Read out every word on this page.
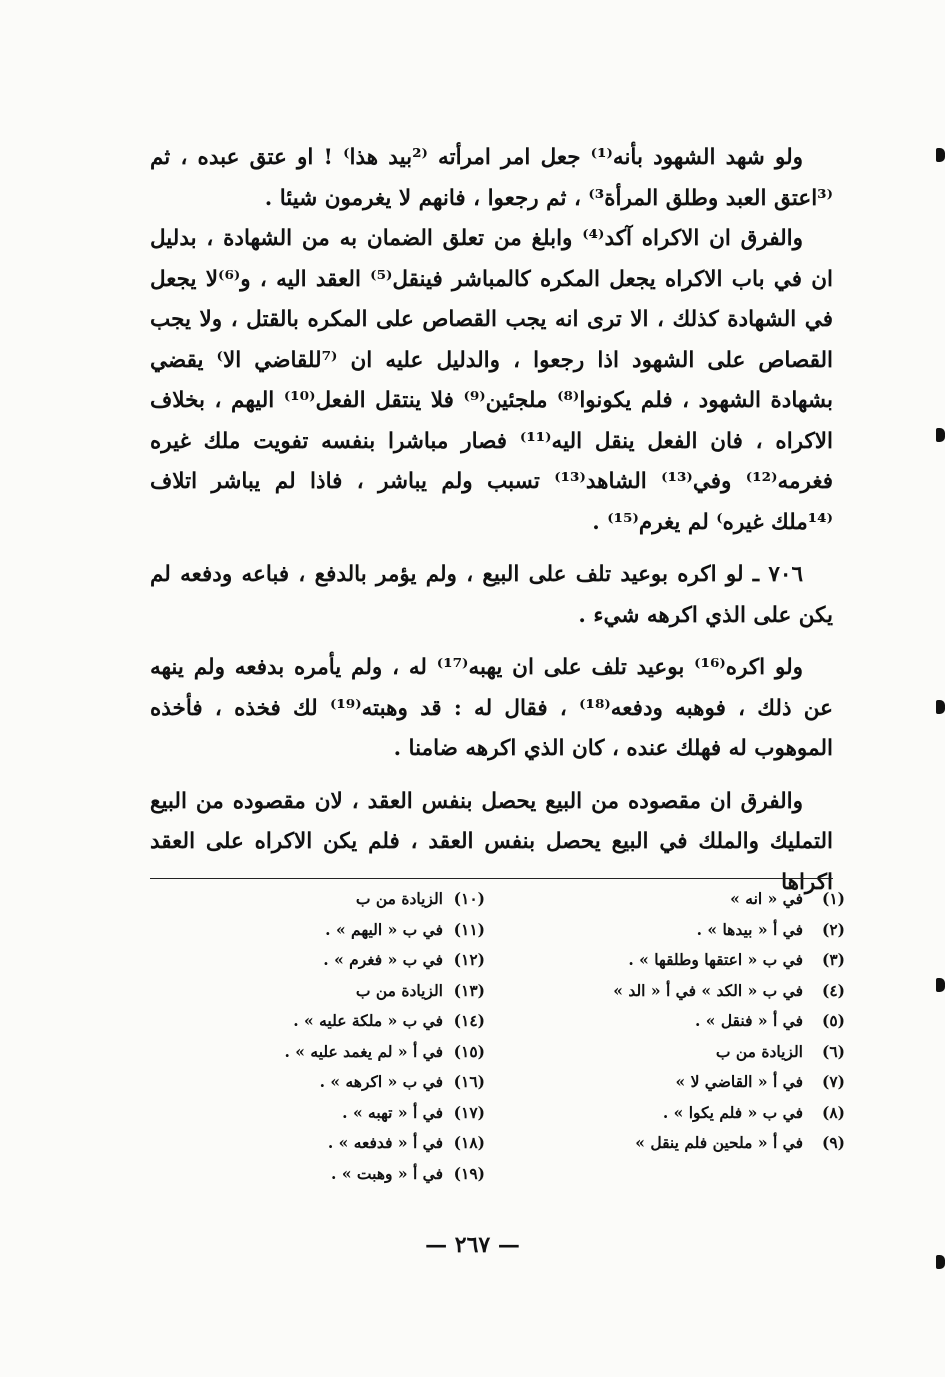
ولو شهد الشهود بأنه⁽¹⁾ جعل امر امرأته ⁽²بيد هذا⁾ ! او عتق عبده ، ثم ⁽³اعتق العبد وطلق المرأة³⁾ ، ثم رجعوا ، فانهم لا يغرمون شيئا .

والفرق ان الاكراه آكد⁽⁴⁾ وابلغ من تعلق الضمان به من الشهادة ، بدليل ان في باب الاكراه يجعل المكره كالمباشر فينقل⁽⁵⁾ العقد اليه ، و⁽⁶⁾لا يجعل في الشهادة كذلك ، الا ترى انه يجب القصاص على المكره بالقتل ، ولا يجب القصاص على الشهود اذا رجعوا ، والدليل عليه ان ⁽⁷للقاضي الا⁾ يقضي بشهادة الشهود ، فلم يكونوا⁽⁸⁾ ملجئين⁽⁹⁾ فلا ينتقل الفعل⁽¹⁰⁾ اليهم ، بخلاف الاكراه ، فان الفعل ينقل اليه⁽¹¹⁾ فصار مباشرا بنفسه تفويت ملك غيره فغرمه⁽¹²⁾ وفي⁽¹³⁾ الشاهد⁽¹³⁾ تسبب ولم يباشر ، فاذا لم يباشر اتلاف ⁽¹⁴ملك غيره⁾ لم يغرم⁽¹⁵⁾ .

٧٠٦ ـ لو اكره بوعيد تلف على البيع ، ولم يؤمر بالدفع ، فباعه ودفعه لم يكن على الذي اكرهه شيء .

ولو اكره⁽¹⁶⁾ بوعيد تلف على ان يهبه⁽¹⁷⁾ له ، ولم يأمره بدفعه ولم ينهه عن ذلك ، فوهبه ودفعه⁽¹⁸⁾ ، فقال له : قد وهبته⁽¹⁹⁾ لك فخذه ، فأخذه الموهوب له فهلك عنده ، كان الذي اكرهه ضامنا .

والفرق ان مقصوده من البيع يحصل بنفس العقد ، لان مقصوده من البيع التمليك والملك في البيع يحصل بنفس العقد ، فلم يكن الاكراه على العقد اكراها

(١)في « انه »
(٢)في أ « بيدها » .
(٣)في ب « اعتقها وطلقها » .
(٤)في ب « الكد » في أ « الد »
(٥)في أ « فنقل » .
(٦)الزيادة من ب
(٧)في أ « القاضي لا »
(٨)في ب « فلم يكوا » .
(٩)في أ « ملحين فلم ينقل »
(١٠)الزيادة من ب
(١١)في ب « اليهم » .
(١٢)في ب « فغرم » .
(١٣)الزيادة من ب
(١٤)في ب « ملكة عليه » .
(١٥)في أ « لم يغمد عليه » .
(١٦)في ب « اكرهه » .
(١٧)في أ « تهبه » .
(١٨)في أ « فدفعه » .
(١٩)في أ « وهبت » .
— ٢٦٧ —
